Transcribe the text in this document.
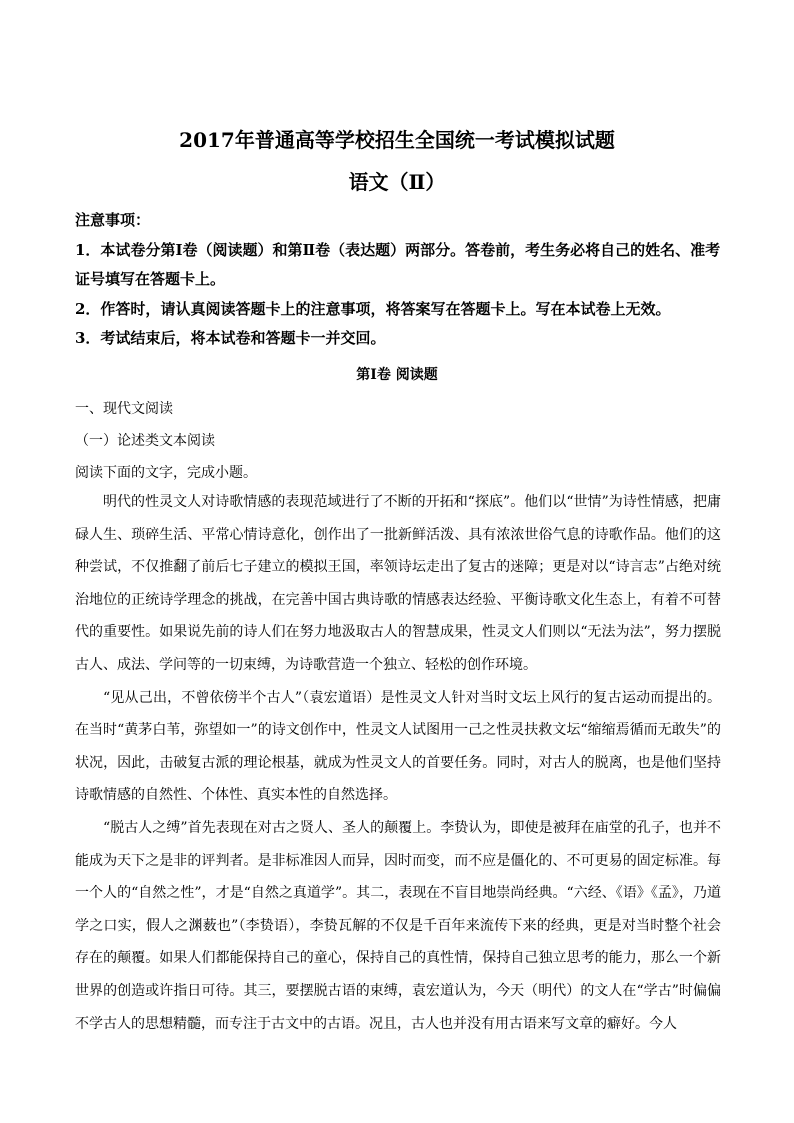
2017年普通高等学校招生全国统一考试模拟试题
语文（Ⅱ）

注意事项：

1．本试卷分第Ⅰ卷（阅读题）和第Ⅱ卷（表达题）两部分。答卷前，考生务必将自己的姓名、准考证号填写在答题卡上。

2．作答时，请认真阅读答题卡上的注意事项，将答案写在答题卡上。写在本试卷上无效。

3．考试结束后，将本试卷和答题卡一并交回。

第Ⅰ卷 阅读题
一、现代文阅读
（一）论述类文本阅读
阅读下面的文字，完成小题。

明代的性灵文人对诗歌情感的表现范域进行了不断的开拓和“探底”。他们以“世情”为诗性情感，把庸碌人生、琐碎生活、平常心情诗意化，创作出了一批新鲜活泼、具有浓浓世俗气息的诗歌作品。他们的这种尝试，不仅推翻了前后七子建立的模拟王国，率领诗坛走出了复古的迷障；更是对以“诗言志”占绝对统治地位的正统诗学理念的挑战，在完善中国古典诗歌的情感表达经验、平衡诗歌文化生态上，有着不可替代的重要性。如果说先前的诗人们在努力地汲取古人的智慧成果，性灵文人们则以“无法为法”，努力摆脱古人、成法、学问等的一切束缚，为诗歌营造一个独立、轻松的创作环境。

“见从己出，不曾依傍半个古人”（袁宏道语）是性灵文人针对当时文坛上风行的复古运动而提出的。在当时“黄茅白苇，弥望如一”的诗文创作中，性灵文人试图用一己之性灵扶救文坛“缩缩焉循而无敢失”的状况，因此，击破复古派的理论根基，就成为性灵文人的首要任务。同时，对古人的脱离，也是他们坚持诗歌情感的自然性、个体性、真实本性的自然选择。

“脱古人之缚”首先表现在对古之贤人、圣人的颠覆上。李贽认为，即使是被拜在庙堂的孔子，也并不能成为天下之是非的评判者。是非标准因人而异，因时而变，而不应是僵化的、不可更易的固定标准。每一个人的“自然之性”，才是“自然之真道学”。其二，表现在不盲目地崇尚经典。“六经、《语》《孟》，乃道学之口实，假人之渊薮也”（李贽语），李贽瓦解的不仅是千百年来流传下来的经典，更是对当时整个社会存在的颠覆。如果人们都能保持自己的童心，保持自己的真性情，保持自己独立思考的能力，那么一个新世界的创造或许指日可待。其三，要摆脱古语的束缚，袁宏道认为，今天（明代）的文人在“学古”时偏偏不学古人的思想精髓，而专注于古文中的古语。况且，古人也并没有用古语来写文章的癖好。今人
